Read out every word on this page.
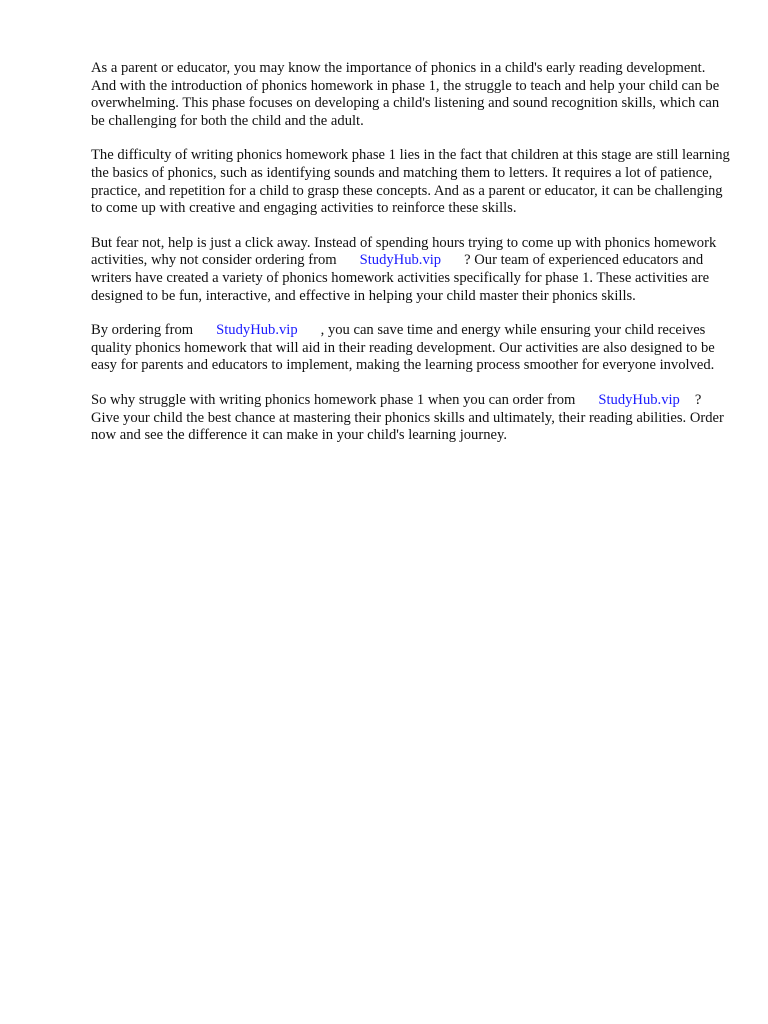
As a parent or educator, you may know the importance of phonics in a child's early reading development. And with the introduction of phonics homework in phase 1, the struggle to teach and help your child can be overwhelming. This phase focuses on developing a child's listening and sound recognition skills, which can be challenging for both the child and the adult.

The difficulty of writing phonics homework phase 1 lies in the fact that children at this stage are still learning the basics of phonics, such as identifying sounds and matching them to letters. It requires a lot of patience, practice, and repetition for a child to grasp these concepts. And as a parent or educator, it can be challenging to come up with creative and engaging activities to reinforce these skills.

But fear not, help is just a click away. Instead of spending hours trying to come up with phonics homework activities, why not consider ordering from StudyHub.vip ? Our team of experienced educators and writers have created a variety of phonics homework activities specifically for phase 1. These activities are designed to be fun, interactive, and effective in helping your child master their phonics skills.

By ordering from StudyHub.vip , you can save time and energy while ensuring your child receives quality phonics homework that will aid in their reading development. Our activities are also designed to be easy for parents and educators to implement, making the learning process smoother for everyone involved.

So why struggle with writing phonics homework phase 1 when you can order from StudyHub.vip ? Give your child the best chance at mastering their phonics skills and ultimately, their reading abilities. Order now and see the difference it can make in your child's learning journey.
